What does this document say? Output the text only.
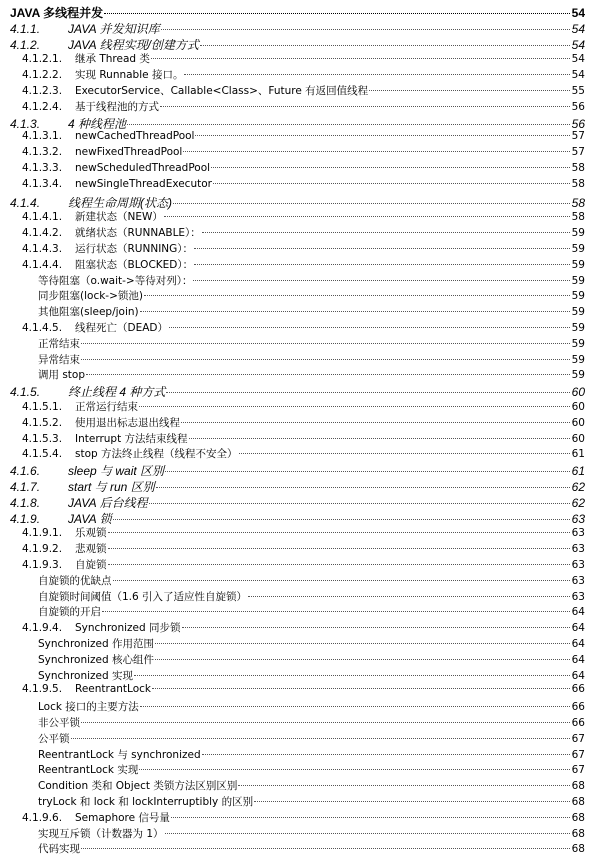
JAVA 多线程并发	54
4.1.1. JAVA 并发知识库	54
4.1.2. JAVA 线程实现/创建方式	54
4.1.2.1. 继承 Thread 类	54
4.1.2.2. 实现 Runnable 接口。	54
4.1.2.3. ExecutorService、Callable<Class>、Future 有返回值线程	55
4.1.2.4. 基于线程池的方式	56
4.1.3. 4 种线程池	56
4.1.3.1. newCachedThreadPool	57
4.1.3.2. newFixedThreadPool	57
4.1.3.3. newScheduledThreadPool	58
4.1.3.4. newSingleThreadExecutor	58
4.1.4. 线程生命周期(状态)	58
4.1.4.1. 新建状态（NEW）	58
4.1.4.2. 就绪状态（RUNNABLE）：	59
4.1.4.3. 运行状态（RUNNING）：	59
4.1.4.4. 阻塞状态（BLOCKED）：	59
等待阻塞（o.wait->等待对列）：	59
同步阻塞(lock->锁池)	59
其他阻塞(sleep/join)	59
4.1.4.5. 线程死亡（DEAD）	59
正常结束	59
异常结束	59
调用 stop	59
4.1.5. 终止线程 4 种方式	60
4.1.5.1. 正常运行结束	60
4.1.5.2. 使用退出标志退出线程	60
4.1.5.3. Interrupt 方法结束线程	60
4.1.5.4. stop 方法终止线程（线程不安全）	61
4.1.6. sleep 与 wait 区别	61
4.1.7. start 与 run 区别	62
4.1.8. JAVA 后台线程	62
4.1.9. JAVA 锁	63
4.1.9.1. 乐观锁	63
4.1.9.2. 悲观锁	63
4.1.9.3. 自旋锁	63
自旋锁的优缺点	63
自旋锁时间阈值（1.6 引入了适应性自旋锁）	63
自旋锁的开启	64
4.1.9.4. Synchronized 同步锁	64
Synchronized 作用范围	64
Synchronized 核心组件	64
Synchronized 实现	64
4.1.9.5. ReentrantLock	66
Lock 接口的主要方法	66
非公平锁	66
公平锁	67
ReentrantLock 与 synchronized	67
ReentrantLock 实现	67
Condition 类和 Object 类锁方法区别区别	68
tryLock 和 lock 和 lockInterruptibly 的区别	68
4.1.9.6. Semaphore 信号量	68
实现互斥锁（计数器为 1）	68
代码实现	68
